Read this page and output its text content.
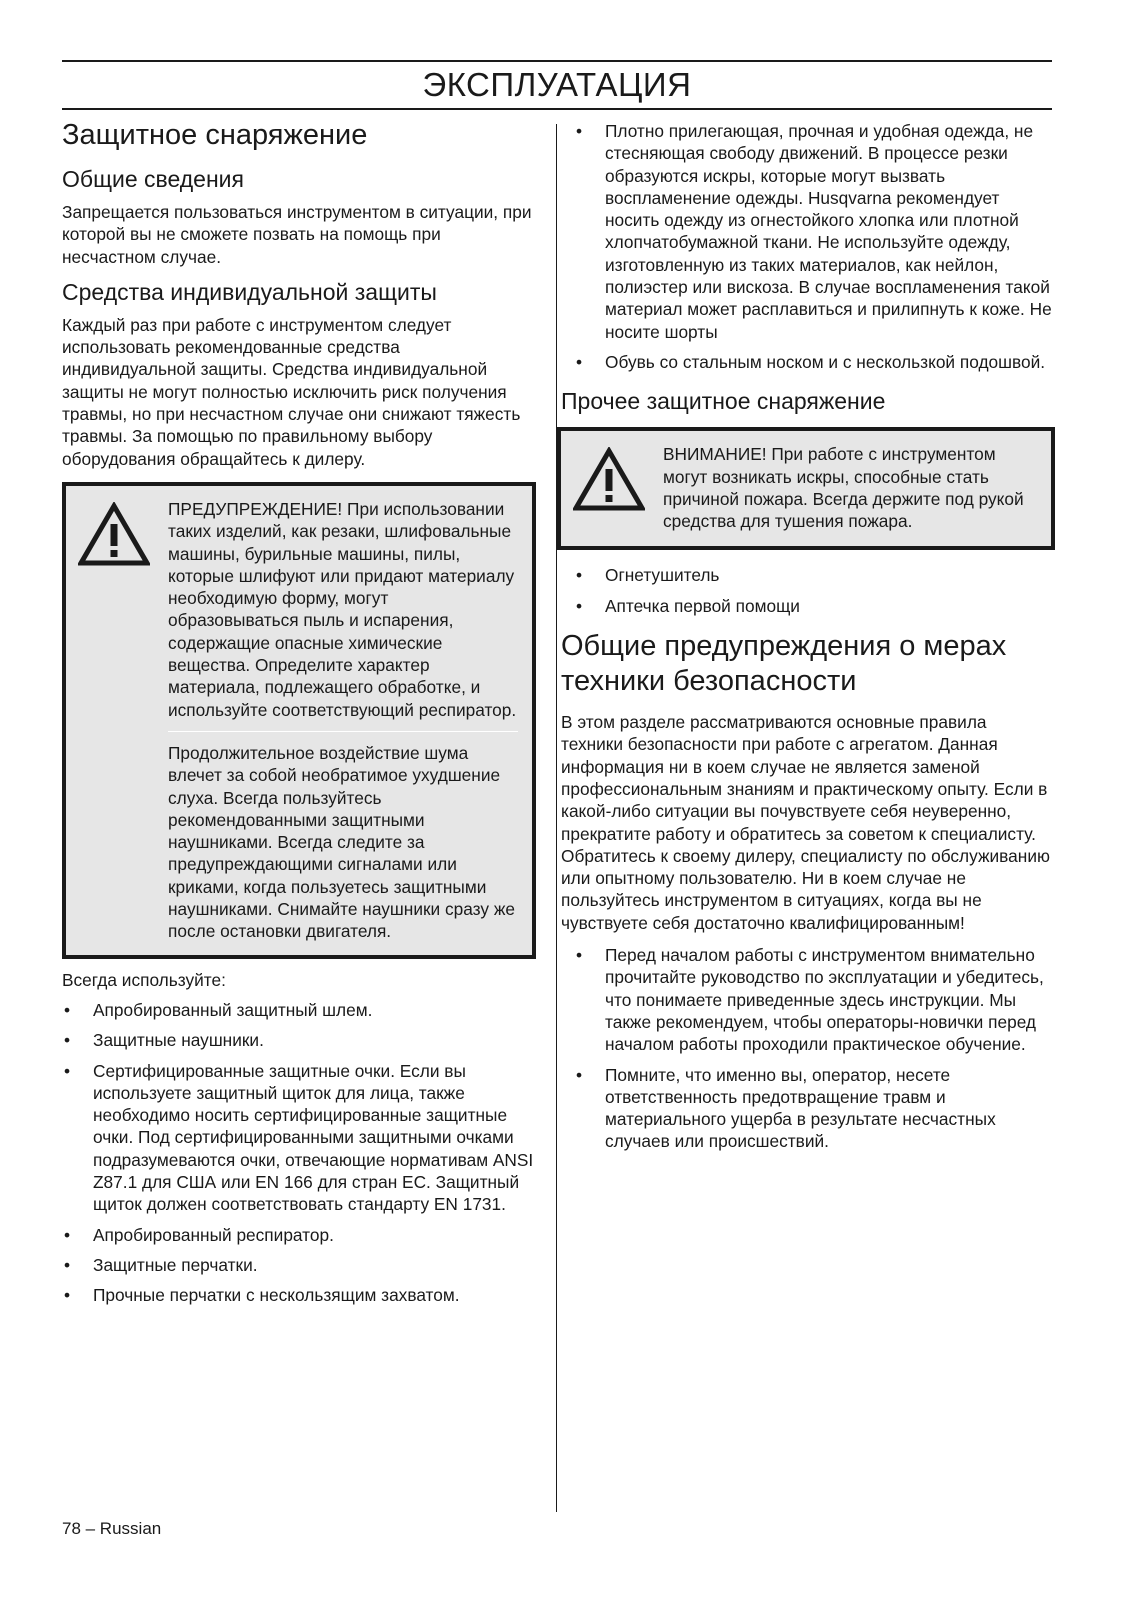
ЭКСПЛУАТАЦИЯ
Защитное снаряжение
Общие сведения

Запрещается пользоваться инструментом в ситуации, при которой вы не сможете позвать на помощь при несчастном случае.

Средства индивидуальной защиты

Каждый раз при работе с инструментом следует использовать рекомендованные средства индивидуальной защиты. Средства индивидуальной защиты не могут полностью исключить риск получения травмы, но при несчастном случае они снижают тяжесть травмы. За помощью по правильному выбору оборудования обращайтесь к дилеру.

ПРЕДУПРЕЖДЕНИЕ! При использовании таких изделий, как резаки, шлифовальные машины, бурильные машины, пилы, которые шлифуют или придают материалу необходимую форму, могут образовываться пыль и испарения, содержащие опасные химические вещества. Определите характер материала, подлежащего обработке, и используйте соответствующий респиратор.

Продолжительное воздействие шума влечет за собой необратимое ухудшение слуха. Всегда пользуйтесь рекомендованными защитными наушниками. Всегда следите за предупреждающими сигналами или криками, когда пользуетесь защитными наушниками. Снимайте наушники сразу же после остановки двигателя.

Всегда используйте:

• Апробированный защитный шлем.
• Защитные наушники.
• Сертифицированные защитные очки. Если вы используете защитный щиток для лица, также необходимо носить сертифицированные защитные очки. Под сертифицированными защитными очками подразумеваются очки, отвечающие нормативам ANSI Z87.1 для США или EN 166 для стран ЕС. Защитный щиток должен соответствовать стандарту EN 1731.
• Апробированный респиратор.
• Защитные перчатки.
• Прочные перчатки с нескользящим захватом.
• Плотно прилегающая, прочная и удобная одежда, не стесняющая свободу движений. В процессе резки образуются искры, которые могут вызвать воспламенение одежды. Husqvarna рекомендует носить одежду из огнестойкого хлопка или плотной хлопчатобумажной ткани. Не используйте одежду, изготовленную из таких материалов, как нейлон, полиэстер или вискоза. В случае воспламенения такой материал может расплавиться и прилипнуть к коже. Не носите шорты
• Обувь со стальным носком и с нескользкой подошвой.
Прочее защитное снаряжение

ВНИМАНИЕ! При работе с инструментом могут возникать искры, способные стать причиной пожара. Всегда держите под рукой средства для тушения пожара.

• Огнетушитель
• Аптечка первой помощи
Общие предупреждения о мерах техники безопасности

В этом разделе рассматриваются основные правила техники безопасности при работе с агрегатом. Данная информация ни в коем случае не является заменой профессиональным знаниям и практическому опыту. Если в какой-либо ситуации вы почувствуете себя неуверенно, прекратите работу и обратитесь за советом к специалисту. Обратитесь к своему дилеру, специалисту по обслуживанию или опытному пользователю. Ни в коем случае не пользуйтесь инструментом в ситуациях, когда вы не чувствуете себя достаточно квалифицированным!

• Перед началом работы с инструментом внимательно прочитайте руководство по эксплуатации и убедитесь, что понимаете приведенные здесь инструкции. Мы также рекомендуем, чтобы операторы-новички перед началом работы проходили практическое обучение.
• Помните, что именно вы, оператор, несете ответственность предотвращение травм и материального ущерба в результате несчастных случаев или происшествий.
78 – Russian
